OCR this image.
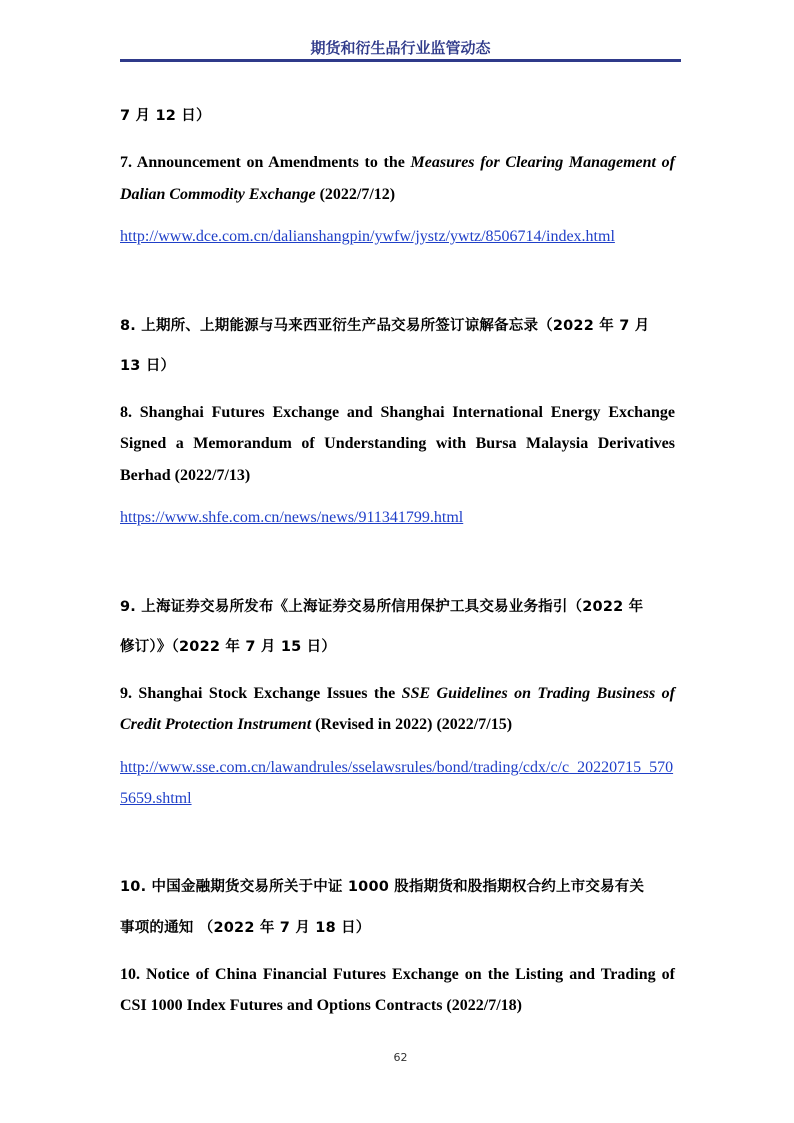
期货和衍生品行业监管动态
7 月 12 日）
7. Announcement on Amendments to the Measures for Clearing Management of
Dalian Commodity Exchange (2022/7/12)
http://www.dce.com.cn/dalianshangpin/ywfw/jystz/ywtz/8506714/index.html
8. 上期所、上期能源与马来西亚衍生产品交易所签订谅解备忘录（2022 年 7 月
13 日）
8. Shanghai Futures Exchange and Shanghai International Energy Exchange
Signed a Memorandum of Understanding with Bursa Malaysia Derivatives
Berhad (2022/7/13)
https://www.shfe.com.cn/news/news/911341799.html
9. 上海证券交易所发布《上海证券交易所信用保护工具交易业务指引（2022 年
修订）》（2022 年 7 月 15 日）
9. Shanghai Stock Exchange Issues the SSE Guidelines on Trading Business of
Credit Protection Instrument (Revised in 2022) (2022/7/15)
http://www.sse.com.cn/lawandrules/sselawsrules/bond/trading/cdx/c/c_20220715_570
5659.shtml
10. 中国金融期货交易所关于中证 1000 股指期货和股指期权合约上市交易有关
事项的通知 （2022 年 7 月 18 日）
10. Notice of China Financial Futures Exchange on the Listing and Trading of
CSI 1000 Index Futures and Options Contracts (2022/7/18)
62
